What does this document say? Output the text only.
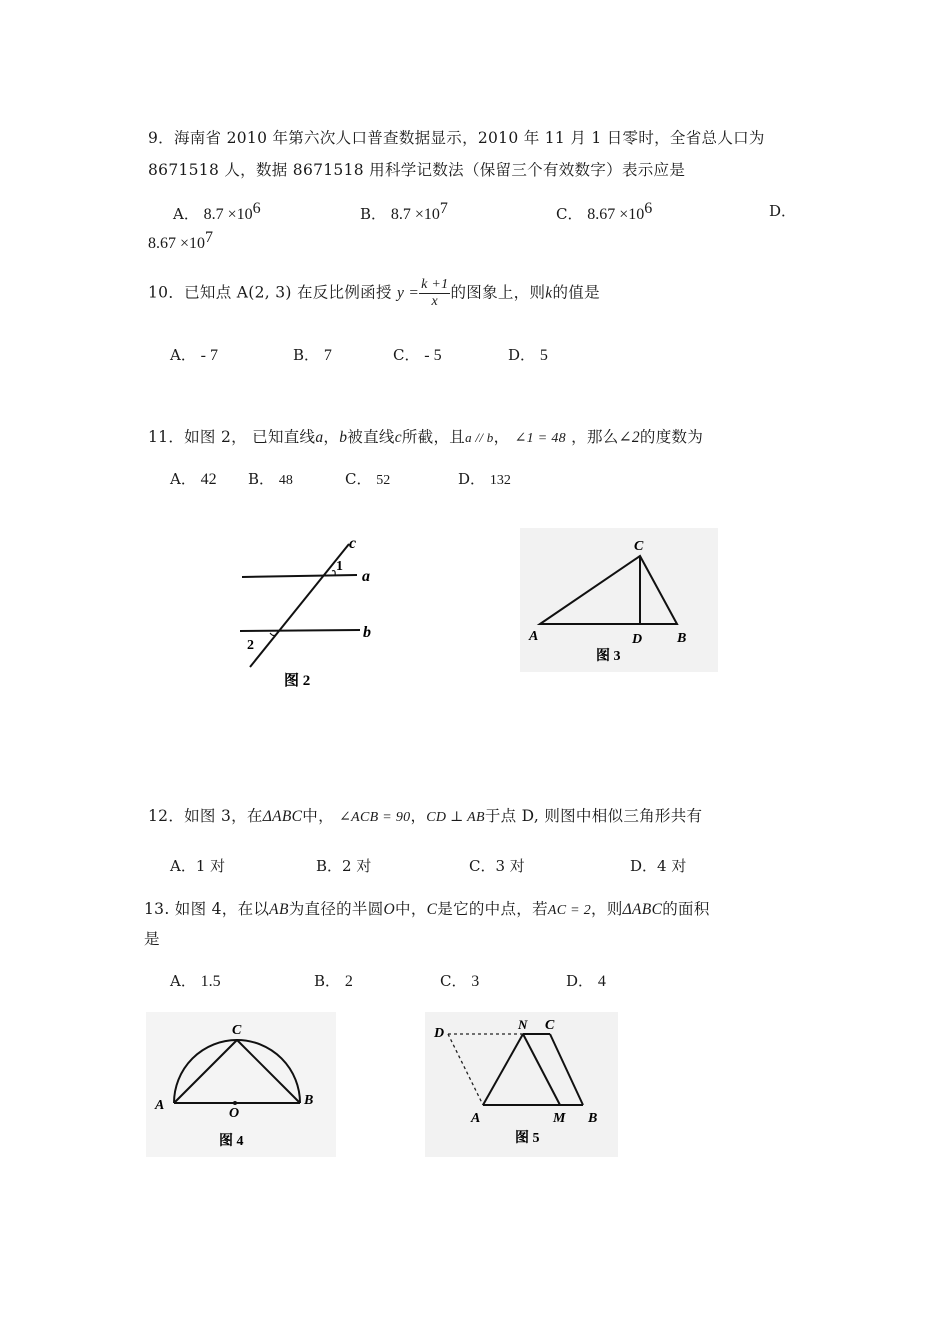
9．海南省 2010 年第六次人口普查数据显示，2010 年 11 月 1 日零时，全省总人口为
8671518 人，数据 8671518 用科学记数法（保留三个有效数字）表示应是
A． $8.7 \times 10^6$	B． $8.7 \times 10^7$	C． $8.67 \times 10^6$	D．
$8.67 \times 10^7$
10．已知点 A(2, 3) 在反比例函授 $y = \frac{k +1}{x}$ 的图象上，则k的值是
A． - 7	B． 7	C． - 5	D． 5
11．如图 2， 已知直线a，b被直线c所截，且a // b， ∠1 = 48 ，那么∠2的度数为
A． 42 B． 48	C． 52	D． 132
c
a
b
1
2
图 2
C
A	D B
图 3
12．如图 3，在ΔABC中， ∠ACB = 90，CD ⊥ AB于点 D, 则图中相似三角形共有
A．1 对	B．2 对	C．3 对	D．4 对
13. 如图 4，在以AB为直径的半圆O中，C是它的中点，若AC = 2，则ΔABC的面积
是
A． 1.5	B． 2	C． 3	D． 4
C
A
O
B
图 4
D
N C
A	M B
图 5
